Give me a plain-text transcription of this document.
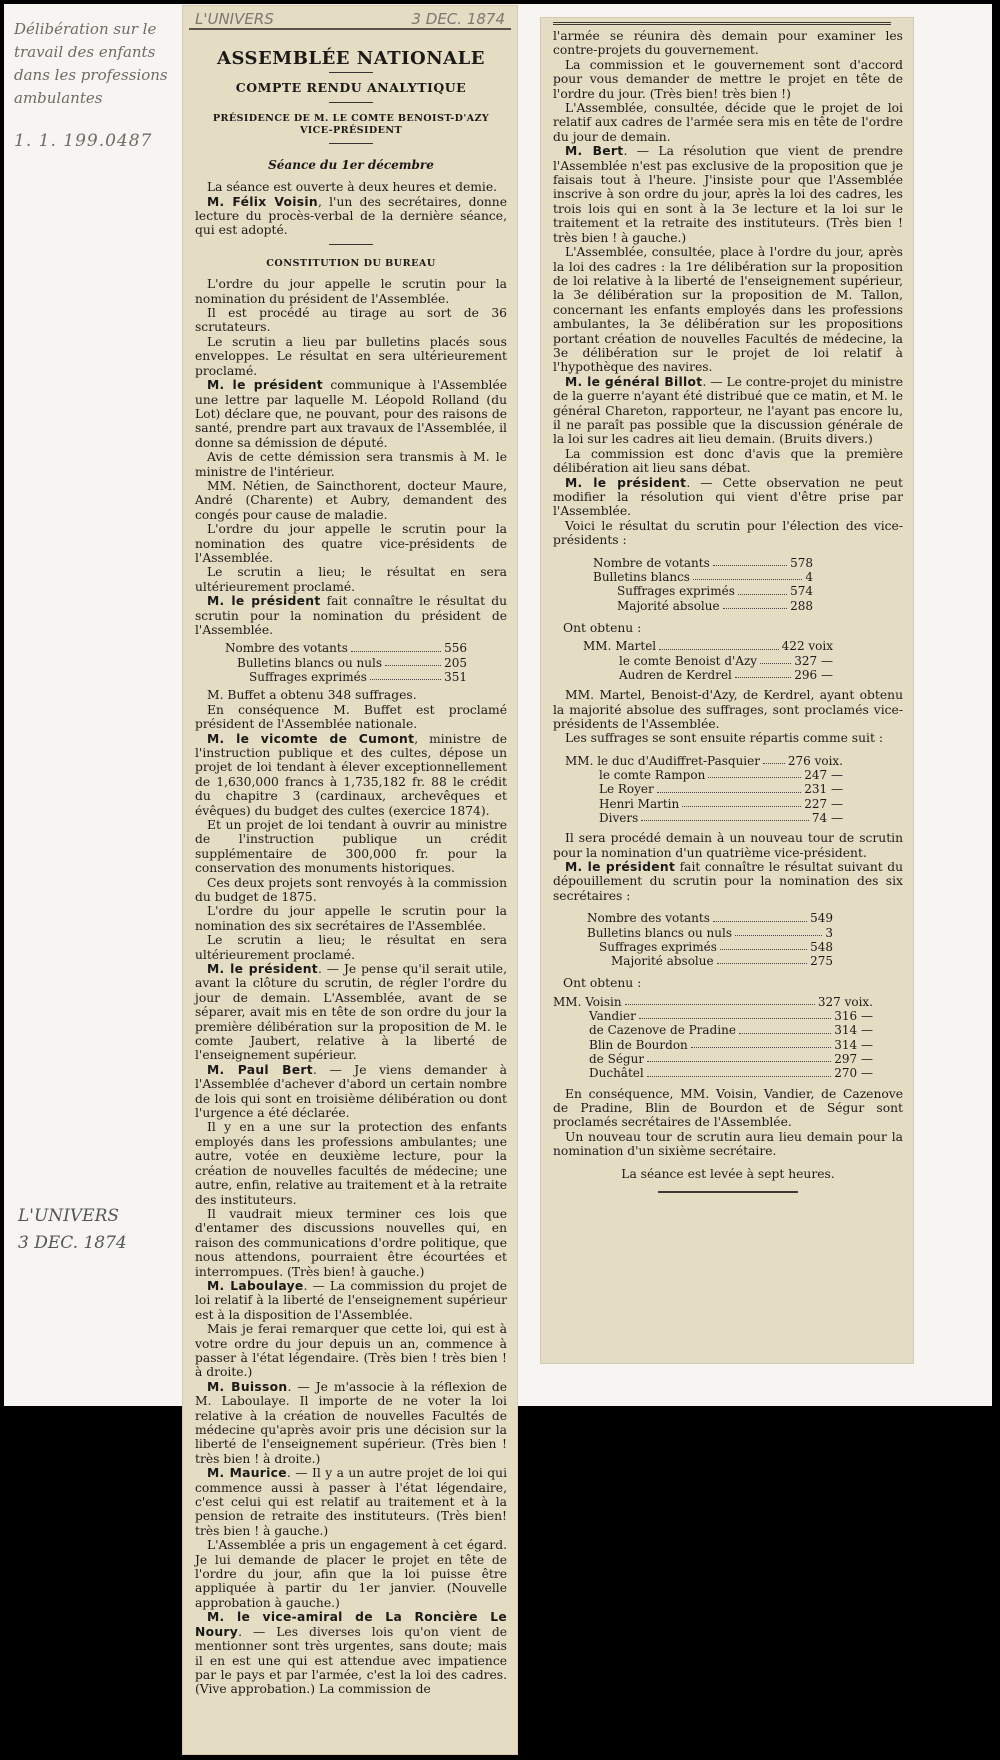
Délibération sur le
travail des enfants
dans les professions
ambulantes
1. 1. 199.0487
L'UNIVERS
3 DEC. 1874
L'UNIVERS	3 DEC. 1874
ASSEMBLÉE NATIONALE
COMPTE RENDU ANALYTIQUE
PRÉSIDENCE DE M. LE COMTE BENOIST-D'AZY
VICE-PRÉSIDENT
Séance du 1er décembre

La séance est ouverte à deux heures et demie.

M. Félix Voisin, l'un des secrétaires, donne lecture du procès-verbal de la dernière séance, qui est adopté.

CONSTITUTION DU BUREAU

L'ordre du jour appelle le scrutin pour la nomination du président de l'Assemblée.

Il est procédé au tirage au sort de 36 scrutateurs.

Le scrutin a lieu par bulletins placés sous enveloppes. Le résultat en sera ultérieurement proclamé.

M. le président communique à l'Assemblée une lettre par laquelle M. Léopold Rolland (du Lot) déclare que, ne pouvant, pour des raisons de santé, prendre part aux travaux de l'Assemblée, il donne sa démission de député.

Avis de cette démission sera transmis à M. le ministre de l'intérieur.

MM. Nétien, de Saincthorent, docteur Maure, André (Charente) et Aubry, demandent des congés pour cause de maladie.

L'ordre du jour appelle le scrutin pour la nomination des quatre vice-présidents de l'Assemblée.

Le scrutin a lieu; le résultat en sera ultérieurement proclamé.

M. le président fait connaître le résultat du scrutin pour la nomination du président de l'Assemblée.

Nombre des votants	556
Bulletins blancs ou nuls	205
Suffrages exprimés	351

M. Buffet a obtenu 348 suffrages.

En conséquence M. Buffet est proclamé président de l'Assemblée nationale.

M. le vicomte de Cumont, ministre de l'instruction publique et des cultes, dépose un projet de loi tendant à élever exceptionnellement de 1,630,000 francs à 1,735,182 fr. 88 le crédit du chapitre 3 (cardinaux, archevêques et évêques) du budget des cultes (exercice 1874).

Et un projet de loi tendant à ouvrir au ministre de l'instruction publique un crédit supplémentaire de 300,000 fr. pour la conservation des monuments historiques.

Ces deux projets sont renvoyés à la commission du budget de 1875.

L'ordre du jour appelle le scrutin pour la nomination des six secrétaires de l'Assemblée.

Le scrutin a lieu; le résultat en sera ultérieurement proclamé.

M. le président. — Je pense qu'il serait utile, avant la clôture du scrutin, de régler l'ordre du jour de demain. L'Assemblée, avant de se séparer, avait mis en tête de son ordre du jour la première délibération sur la proposition de M. le comte Jaubert, relative à la liberté de l'enseignement supérieur.

M. Paul Bert. — Je viens demander à l'Assemblée d'achever d'abord un certain nombre de lois qui sont en troisième délibération ou dont l'urgence a été déclarée.

Il y en a une sur la protection des enfants employés dans les professions ambulantes; une autre, votée en deuxième lecture, pour la création de nouvelles facultés de médecine; une autre, enfin, relative au traitement et à la retraite des instituteurs.

Il vaudrait mieux terminer ces lois que d'entamer des discussions nouvelles qui, en raison des communications d'ordre politique, que nous attendons, pourraient être écourtées et interrompues. (Très bien! à gauche.)

M. Laboulaye. — La commission du projet de loi relatif à la liberté de l'enseignement supérieur est à la disposition de l'Assemblée.

Mais je ferai remarquer que cette loi, qui est à votre ordre du jour depuis un an, commence à passer à l'état légendaire. (Très bien ! très bien ! à droite.)

M. Buisson. — Je m'associe à la réflexion de M. Laboulaye. Il importe de ne voter la loi relative à la création de nouvelles Facultés de médecine qu'après avoir pris une décision sur la liberté de l'enseignement supérieur. (Très bien ! très bien ! à droite.)

M. Maurice. — Il y a un autre projet de loi qui commence aussi à passer à l'état légendaire, c'est celui qui est relatif au traitement et à la pension de retraite des instituteurs. (Très bien! très bien ! à gauche.)

L'Assemblée a pris un engagement à cet égard. Je lui demande de placer le projet en tête de l'ordre du jour, afin que la loi puisse être appliquée à partir du 1er janvier. (Nouvelle approbation à gauche.)

M. le vice-amiral de La Roncière Le Noury. — Les diverses lois qu'on vient de mentionner sont très urgentes, sans doute; mais il en est une qui est attendue avec impatience par le pays et par l'armée, c'est la loi des cadres. (Vive approbation.) La commission de

l'armée se réunira dès demain pour examiner les contre-projets du gouvernement.

La commission et le gouvernement sont d'accord pour vous demander de mettre le projet en tête de l'ordre du jour. (Très bien! très bien !)

L'Assemblée, consultée, décide que le projet de loi relatif aux cadres de l'armée sera mis en tête de l'ordre du jour de demain.

M. Bert. — La résolution que vient de prendre l'Assemblée n'est pas exclusive de la proposition que je faisais tout à l'heure. J'insiste pour que l'Assemblée inscrive à son ordre du jour, après la loi des cadres, les trois lois qui en sont à la 3e lecture et la loi sur le traitement et la retraite des instituteurs. (Très bien ! très bien ! à gauche.)

L'Assemblée, consultée, place à l'ordre du jour, après la loi des cadres : la 1re délibération sur la proposition de loi relative à la liberté de l'enseignement supérieur, la 3e délibération sur la proposition de M. Tallon, concernant les enfants employés dans les professions ambulantes, la 3e délibération sur les propositions portant création de nouvelles Facultés de médecine, la 3e délibération sur le projet de loi relatif à l'hypothèque des navires.

M. le général Billot. — Le contre-projet du ministre de la guerre n'ayant été distribué que ce matin, et M. le général Chareton, rapporteur, ne l'ayant pas encore lu, il ne paraît pas possible que la discussion générale de la loi sur les cadres ait lieu demain. (Bruits divers.)

La commission est donc d'avis que la première délibération ait lieu sans débat.

M. le président. — Cette observation ne peut modifier la résolution qui vient d'être prise par l'Assemblée.

Voici le résultat du scrutin pour l'élection des vice-présidents :

Nombre de votants	578
Bulletins blancs	4
Suffrages exprimés	574
Majorité absolue	288
Ont obtenu :
MM. Martel	422 voix
le comte Benoist d'Azy	327 —
Audren de Kerdrel	296 —

MM. Martel, Benoist-d'Azy, de Kerdrel, ayant obtenu la majorité absolue des suffrages, sont proclamés vice-présidents de l'Assemblée.

Les suffrages se sont ensuite répartis comme suit :

MM. le duc d'Audiffret-Pasquier 276 voix.
le comte Rampon	247 —
Le Royer	231 —
Henri Martin	227 —
Divers	74 —

Il sera procédé demain à un nouveau tour de scrutin pour la nomination d'un quatrième vice-président.

M. le président fait connaître le résultat suivant du dépouillement du scrutin pour la nomination des six secrétaires :

Nombre des votants	549
Bulletins blancs ou nuls	3
Suffrages exprimés	548
Majorité absolue	275
Ont obtenu :
MM. Voisin	327 voix.
Vandier	316 —
de Cazenove de Pradine	314 —
Blin de Bourdon	314 —
de Ségur	297 —
Duchâtel	270 —

En conséquence, MM. Voisin, Vandier, de Cazenove de Pradine, Blin de Bourdon et de Ségur sont proclamés secrétaires de l'Assemblée.

Un nouveau tour de scrutin aura lieu demain pour la nomination d'un sixième secrétaire.

La séance est levée à sept heures.
